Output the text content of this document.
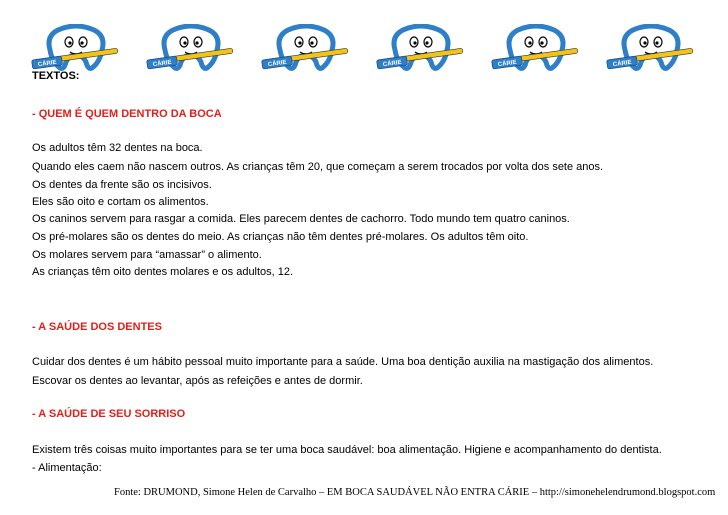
CÁRIE	CÁRIE	CÁRIE	CÁRIE	CÁRIE	CÁRIE
TEXTOS:
- QUEM É QUEM DENTRO DA BOCA
Os adultos têm 32 dentes na boca.
Quando eles caem não nascem outros. As crianças têm 20, que começam a serem trocados por volta dos sete anos.
Os dentes da frente são os incisivos.
Eles são oito e cortam os alimentos.
Os caninos servem para rasgar a comida. Eles parecem dentes de cachorro. Todo mundo tem quatro caninos.
Os pré-molares são os dentes do meio. As crianças não têm dentes pré-molares. Os adultos têm oito.
Os molares servem para “amassar” o alimento.
As crianças têm oito dentes molares e os adultos, 12.
- A SAÚDE DOS DENTES
Cuidar dos dentes é um hábito pessoal muito importante para a saúde. Uma boa dentição auxilia na mastigação dos alimentos.
Escovar os dentes ao levantar, após as refeições e antes de dormir.
- A SAÚDE DE SEU SORRISO
Existem três coisas muito importantes para se ter uma boca saudável: boa alimentação. Higiene e acompanhamento do dentista.
- Alimentação:
Fonte: DRUMOND, Simone Helen de Carvalho – EM BOCA SAUDÁVEL NÃO ENTRA CÁRIE – http://simonehelendrumond.blogspot.com
